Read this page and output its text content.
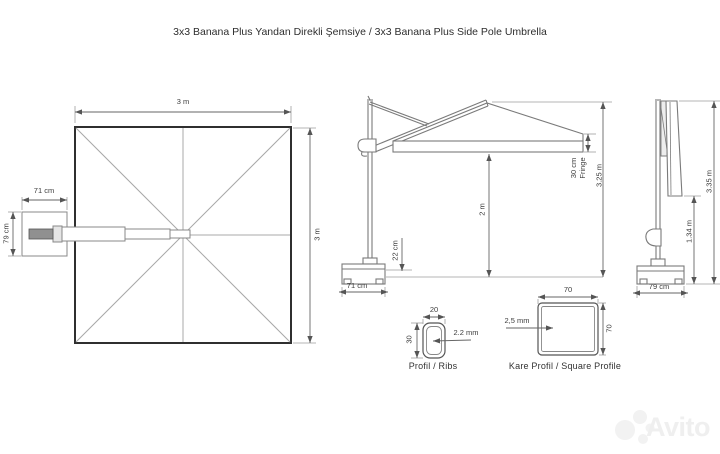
3x3 Banana Plus Yandan Direkli Şemsiye / 3x3 Banana Plus Side Pole Umbrella
3 m
3 m
71 cm
79 cm
30 cm Fringe 3.25 m
2 m
22 cm
71 cm
3.35 m
1.34 m
79 cm
20
30
2.2 mm
Profil / Ribs
70
70
2,5 mm
Kare Profil / Square Profile
Avito
